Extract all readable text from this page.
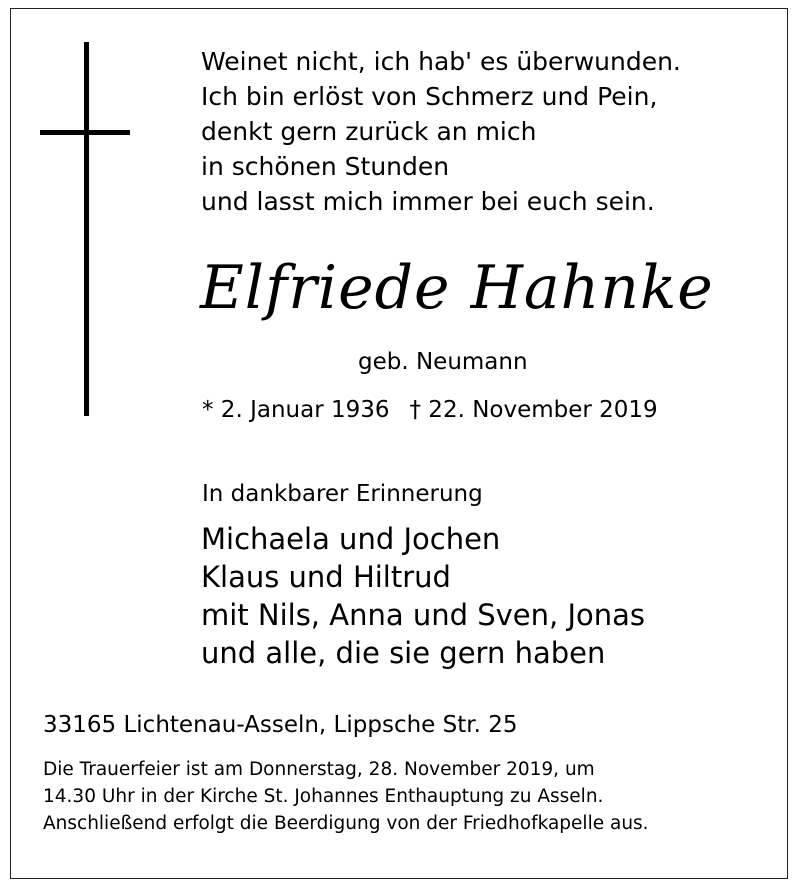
Weinet nicht, ich hab' es überwunden.
Ich bin erlöst von Schmerz und Pein,
denkt gern zurück an mich
in schönen Stunden
und lasst mich immer bei euch sein.
Elfriede Hahnke
geb. Neumann
* 2. Januar 1936 † 22. November 2019
In dankbarer Erinnerung
Michaela und Jochen
Klaus und Hiltrud
mit Nils, Anna und Sven, Jonas
und alle, die sie gern haben
33165 Lichtenau-Asseln, Lippsche Str. 25
Die Trauerfeier ist am Donnerstag, 28. November 2019, um
14.30 Uhr in der Kirche St. Johannes Enthauptung zu Asseln.
Anschließend erfolgt die Beerdigung von der Friedhofkapelle aus.
